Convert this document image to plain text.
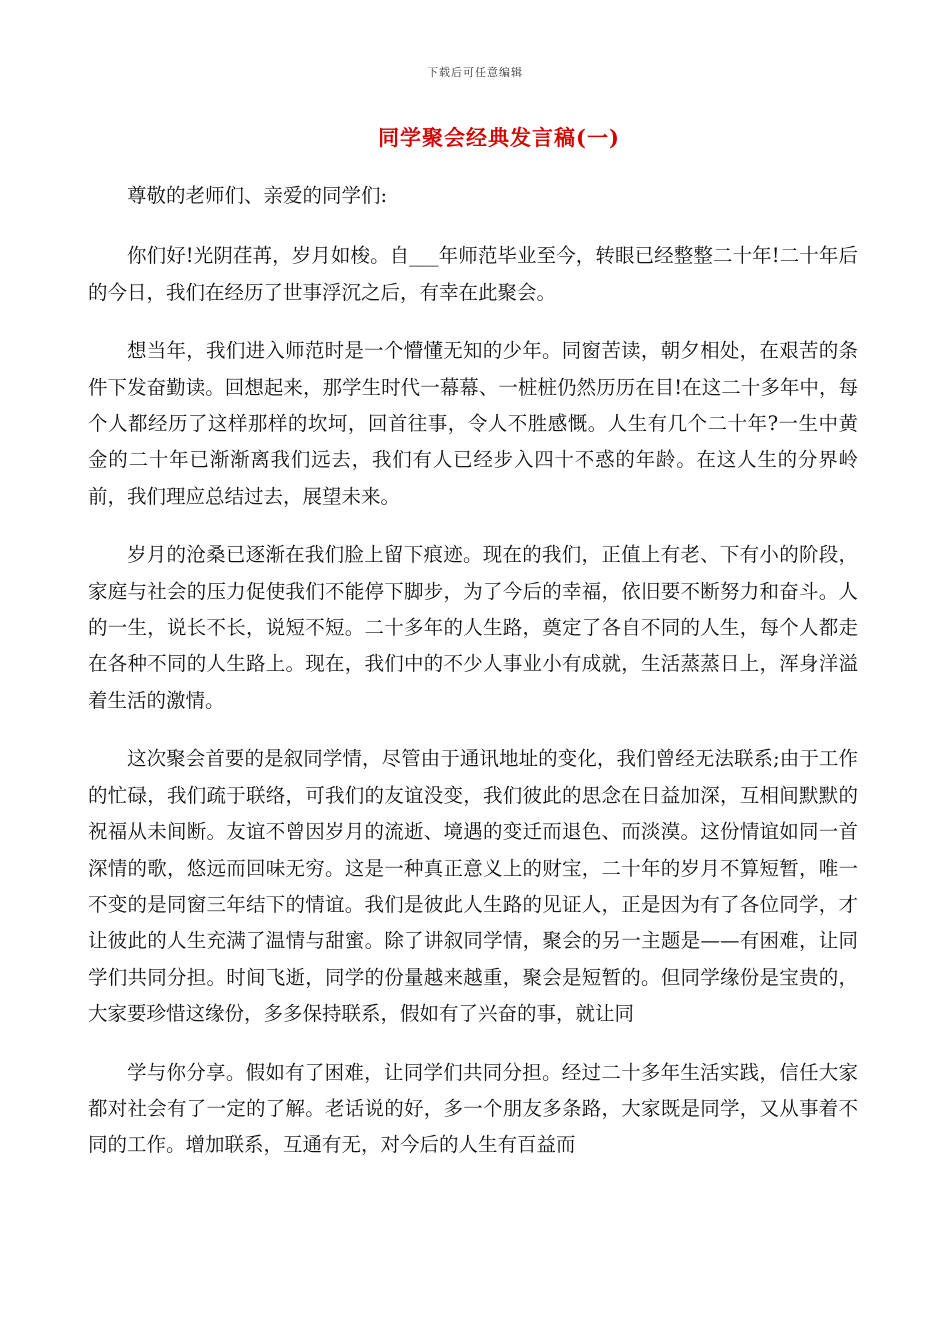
下载后可任意编辑
同学聚会经典发言稿(一)

尊敬的老师们、亲爱的同学们:

你们好!光阴荏苒，岁月如梭。自___年师范毕业至今，转眼已经整整二十年!二十年后的今日，我们在经历了世事浮沉之后，有幸在此聚会。

想当年，我们进入师范时是一个懵懂无知的少年。同窗苦读，朝夕相处，在艰苦的条件下发奋勤读。回想起来，那学生时代一幕幕、一桩桩仍然历历在目!在这二十多年中，每个人都经历了这样那样的坎坷，回首往事，令人不胜感慨。人生有几个二十年?一生中黄金的二十年已渐渐离我们远去，我们有人已经步入四十不惑的年龄。在这人生的分界岭前，我们理应总结过去，展望未来。

岁月的沧桑已逐渐在我们脸上留下痕迹。现在的我们，正值上有老、下有小的阶段，家庭与社会的压力促使我们不能停下脚步，为了今后的幸福，依旧要不断努力和奋斗。人的一生，说长不长，说短不短。二十多年的人生路，奠定了各自不同的人生，每个人都走在各种不同的人生路上。现在，我们中的不少人事业小有成就，生活蒸蒸日上，浑身洋溢着生活的激情。

这次聚会首要的是叙同学情，尽管由于通讯地址的变化，我们曾经无法联系;由于工作的忙碌，我们疏于联络，可我们的友谊没变，我们彼此的思念在日益加深，互相间默默的祝福从未间断。友谊不曾因岁月的流逝、境遇的变迁而退色、而淡漠。这份情谊如同一首深情的歌，悠远而回味无穷。这是一种真正意义上的财宝，二十年的岁月不算短暂，唯一不变的是同窗三年结下的情谊。我们是彼此人生路的见证人，正是因为有了各位同学，才让彼此的人生充满了温情与甜蜜。除了讲叙同学情，聚会的另一主题是——有困难，让同学们共同分担。时间飞逝，同学的份量越来越重，聚会是短暂的。但同学缘份是宝贵的，大家要珍惜这缘份，多多保持联系，假如有了兴奋的事，就让同

学与你分享。假如有了困难，让同学们共同分担。经过二十多年生活实践，信任大家都对社会有了一定的了解。老话说的好，多一个朋友多条路，大家既是同学，又从事着不同的工作。增加联系，互通有无，对今后的人生有百益而
